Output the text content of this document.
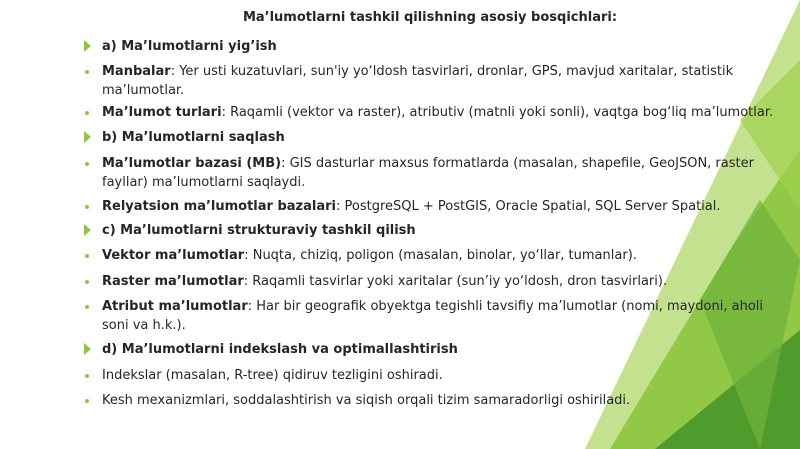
Ma’lumotlarni tashkil qilishning asosiy bosqichlari:
a) Ma’lumotlarni yig’ish
Manbalar: Yer usti kuzatuvlari, sun'iy yo‘ldosh tasvirlari, dronlar, GPS, mavjud xaritalar, statistik ma’lumotlar.
Ma’lumot turlari: Raqamli (vektor va raster), atributiv (matnli yoki sonli), vaqtga bog‘liq ma’lumotlar.
b) Ma’lumotlarni saqlash
Ma’lumotlar bazasi (MB): GIS dasturlar maxsus formatlarda (masalan, shapefile, GeoJSON, raster fayllar) ma’lumotlarni saqlaydi.
Relyatsion ma’lumotlar bazalari: PostgreSQL + PostGIS, Oracle Spatial, SQL Server Spatial.
c) Ma’lumotlarni strukturaviy tashkil qilish
Vektor ma’lumotlar: Nuqta, chiziq, poligon (masalan, binolar, yo‘llar, tumanlar).
Raster ma’lumotlar: Raqamli tasvirlar yoki xaritalar (sun’iy yo‘ldosh, dron tasvirlari).
Atribut ma’lumotlar: Har bir geografik obyektga tegishli tavsifiy ma’lumotlar (nomi, maydoni, aholi soni va h.k.).
d) Ma’lumotlarni indekslash va optimallashtirish
Indekslar (masalan, R-tree) qidiruv tezligini oshiradi.
Kesh mexanizmlari, soddalashtirish va siqish orqali tizim samaradorligi oshiriladi.
